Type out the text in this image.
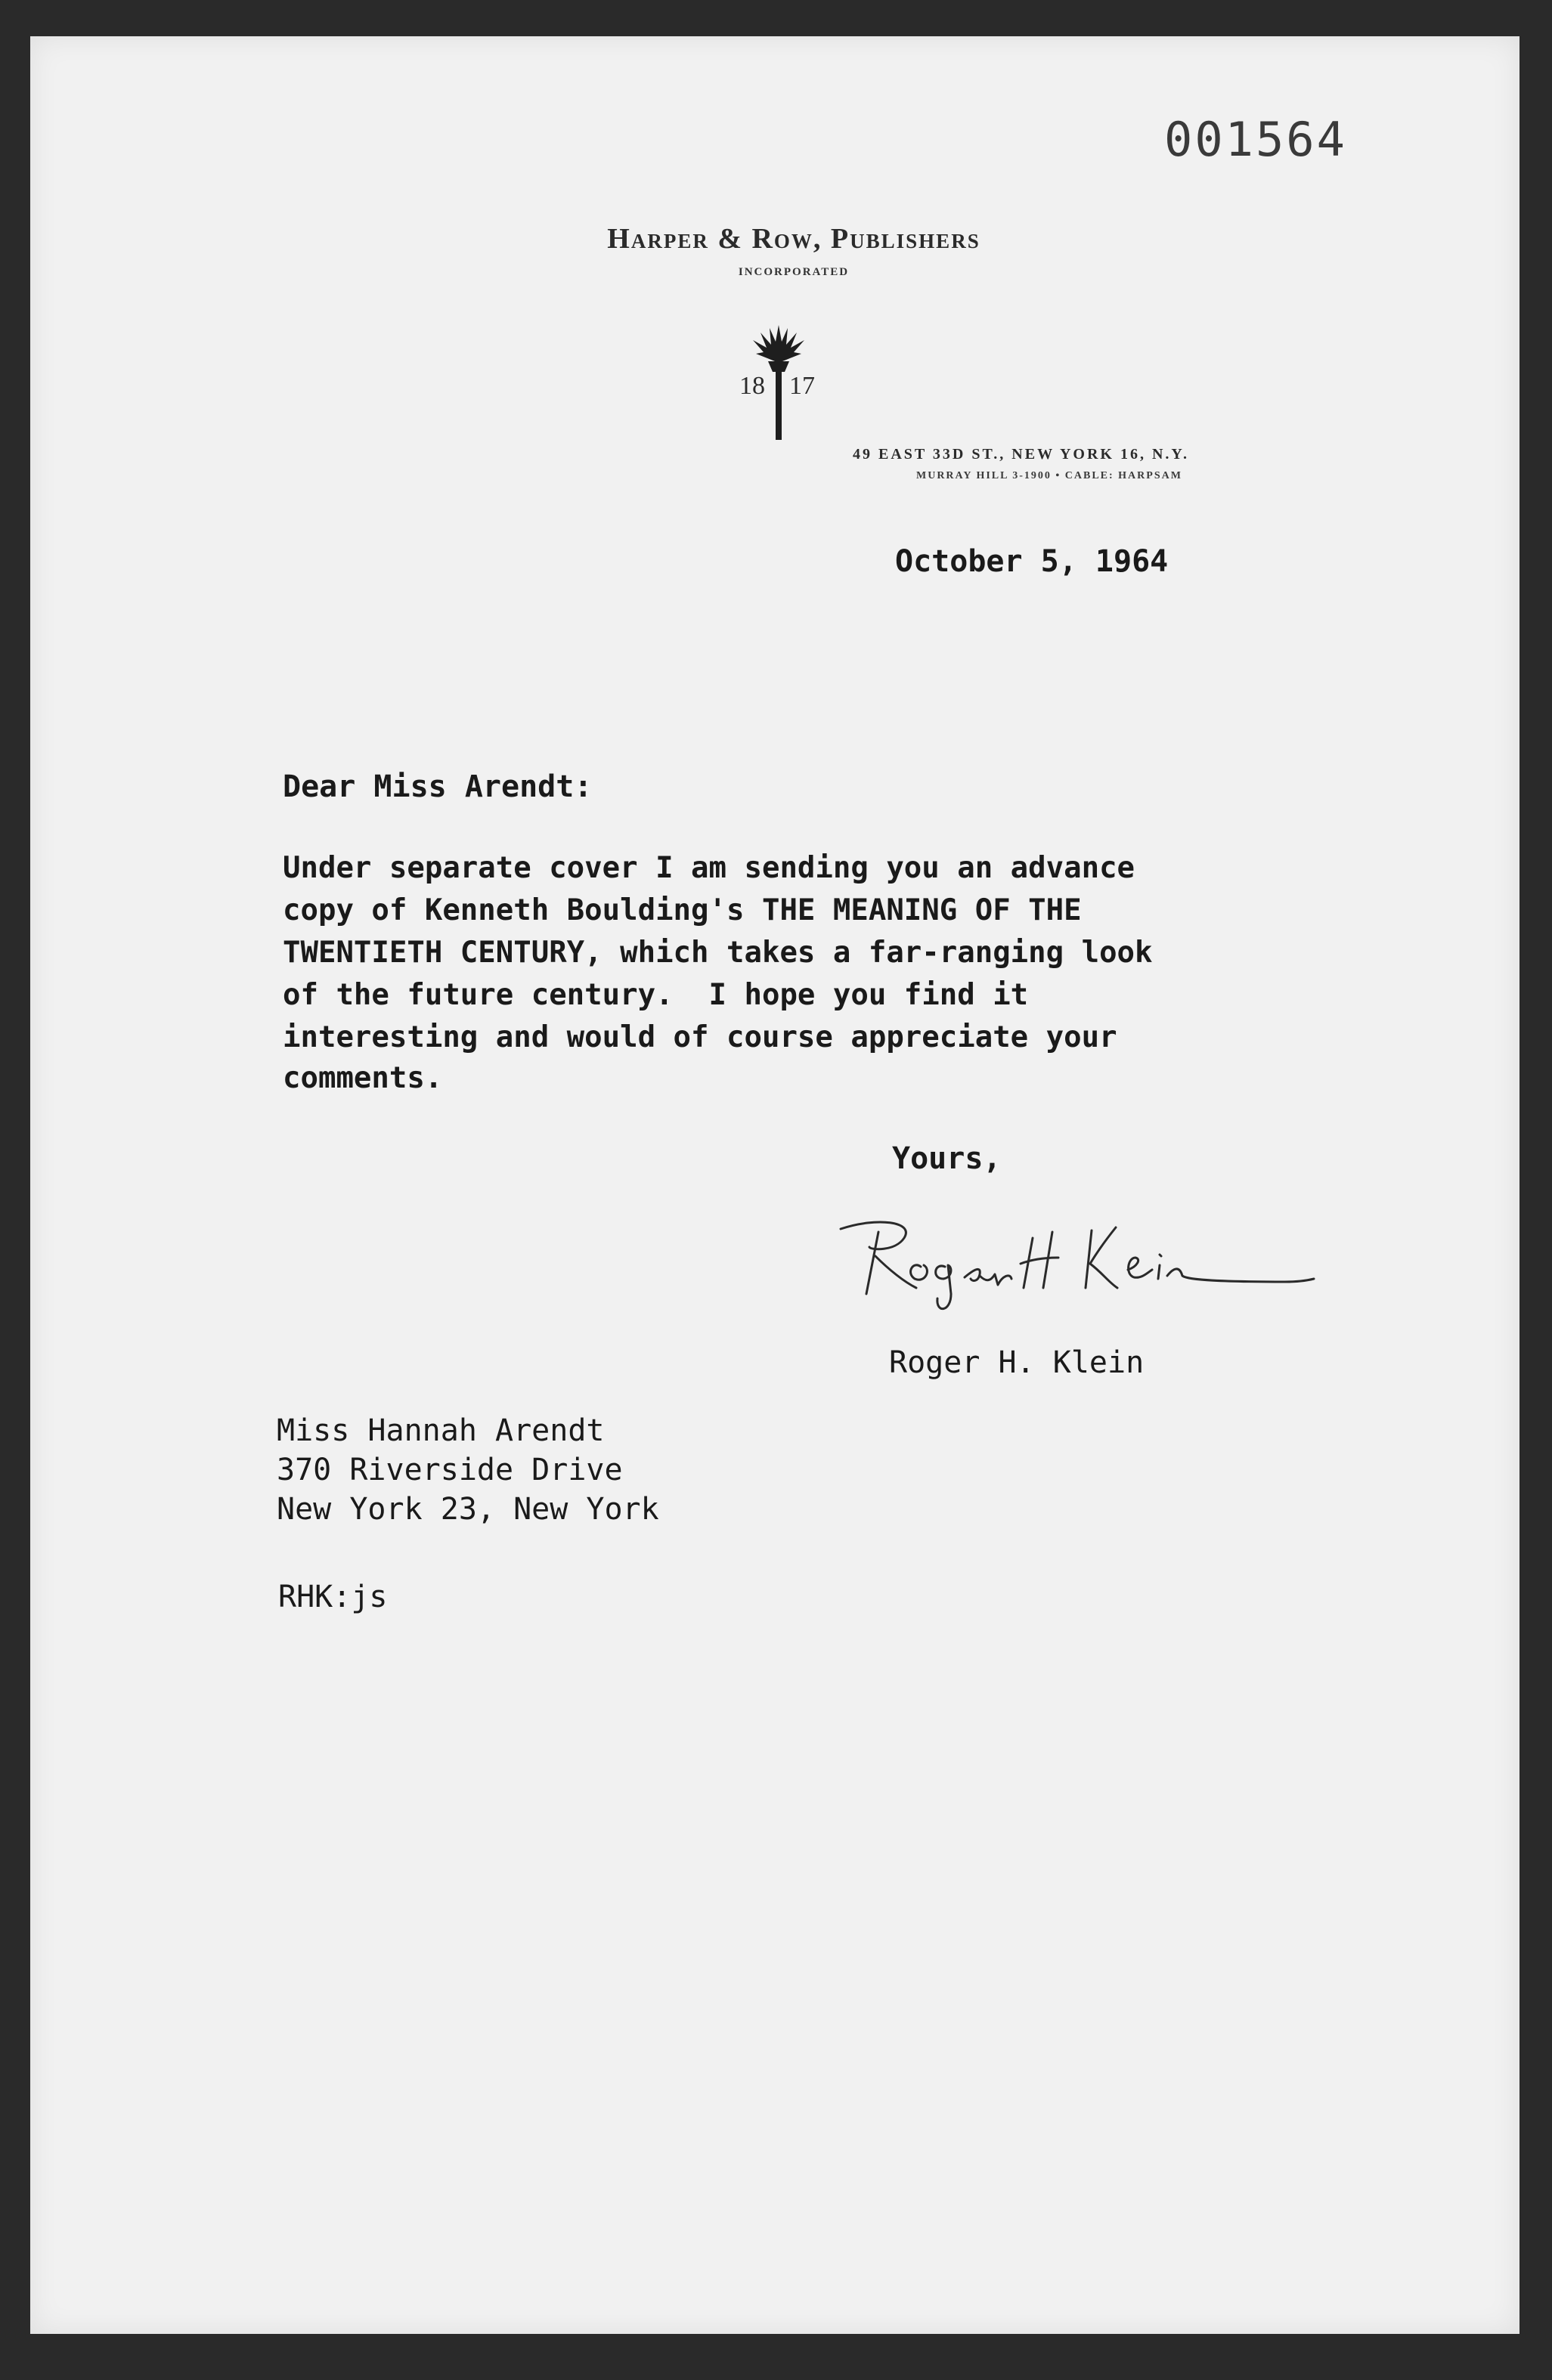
001564
Harper & Row, Publishers
INCORPORATED
18 17
49 EAST 33D ST., NEW YORK 16, N.Y.
MURRAY HILL 3-1900 • CABLE: HARPSAM
October 5, 1964
Dear Miss Arendt:
Under separate cover I am sending you an advance
copy of Kenneth Boulding's THE MEANING OF THE
TWENTIETH CENTURY, which takes a far-ranging look
of the future century.  I hope you find it
interesting and would of course appreciate your
comments.
Yours,
Roger H. Klein
Miss Hannah Arendt
370 Riverside Drive
New York 23, New York
RHK:js
